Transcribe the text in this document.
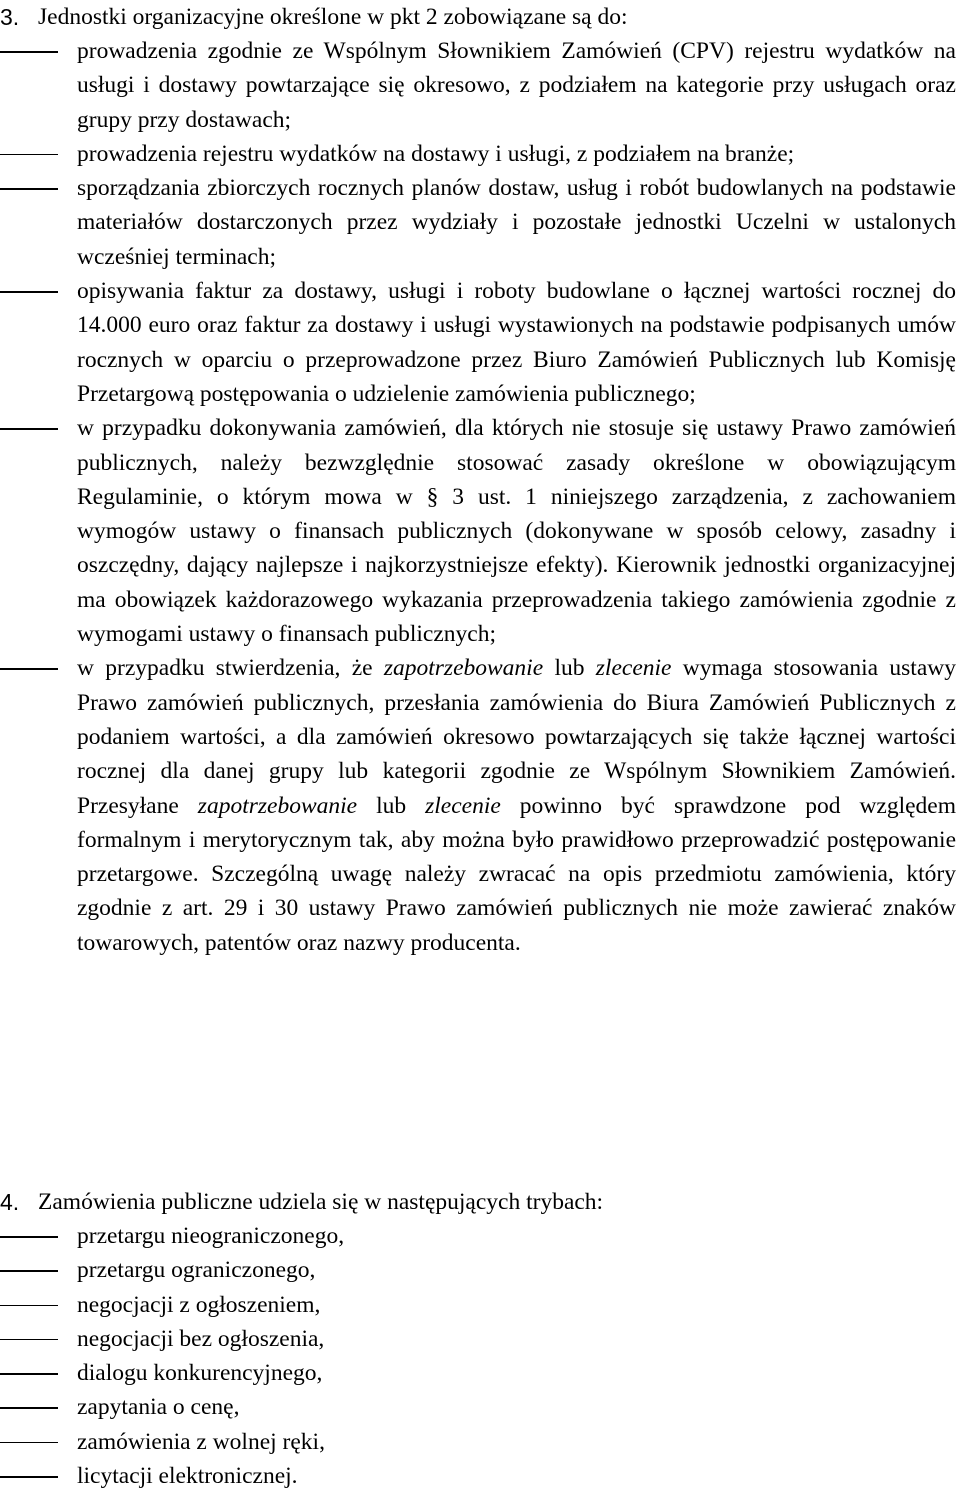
3. Jednostki organizacyjne określone w pkt 2 zobowiązane są do:
prowadzenia zgodnie ze Wspólnym Słownikiem Zamówień (CPV) rejestru wydatków na usługi i dostawy powtarzające się okresowo, z podziałem na kategorie przy usługach oraz grupy przy dostawach;
prowadzenia rejestru wydatków na dostawy i usługi, z podziałem na branże;
sporządzania zbiorczych rocznych planów dostaw, usług i robót budowlanych na podstawie materiałów dostarczonych przez wydziały i pozostałe jednostki Uczelni w ustalonych wcześniej terminach;
opisywania faktur za dostawy, usługi i roboty budowlane o łącznej wartości rocznej do 14.000 euro oraz faktur za dostawy i usługi wystawionych na podstawie podpisanych umów rocznych w oparciu o przeprowadzone przez Biuro Zamówień Publicznych lub Komisję Przetargową postępowania o udzielenie zamówienia publicznego;
w przypadku dokonywania zamówień, dla których nie stosuje się ustawy Prawo zamówień publicznych, należy bezwzględnie stosować zasady określone w obowiązującym Regulaminie, o którym mowa w § 3 ust. 1 niniejszego zarządzenia, z zachowaniem wymogów ustawy o finansach publicznych (dokonywane w sposób celowy, zasadny i oszczędny, dający najlepsze i najkorzystniejsze efekty). Kierownik jednostki organizacyjnej ma obowiązek każdorazowego wykazania przeprowadzenia takiego zamówienia zgodnie z wymogami ustawy o finansach publicznych;
w przypadku stwierdzenia, że zapotrzebowanie lub zlecenie wymaga stosowania ustawy Prawo zamówień publicznych, przesłania zamówienia do Biura Zamówień Publicznych z podaniem wartości, a dla zamówień okresowo powtarzających się także łącznej wartości rocznej dla danej grupy lub kategorii zgodnie ze Wspólnym Słownikiem Zamówień. Przesyłane zapotrzebowanie lub zlecenie powinno być sprawdzone pod względem formalnym i merytorycznym tak, aby można było prawidłowo przeprowadzić postępowanie przetargowe. Szczególną uwagę należy zwracać na opis przedmiotu zamówienia, który zgodnie z art. 29 i 30 ustawy Prawo zamówień publicznych nie może zawierać znaków towarowych, patentów oraz nazwy producenta.
4. Zamówienia publiczne udziela się w następujących trybach:
przetargu nieograniczonego,
przetargu ograniczonego,
negocjacji z ogłoszeniem,
negocjacji bez ogłoszenia,
dialogu konkurencyjnego,
zapytania o cenę,
zamówienia z wolnej ręki,
licytacji elektronicznej.
